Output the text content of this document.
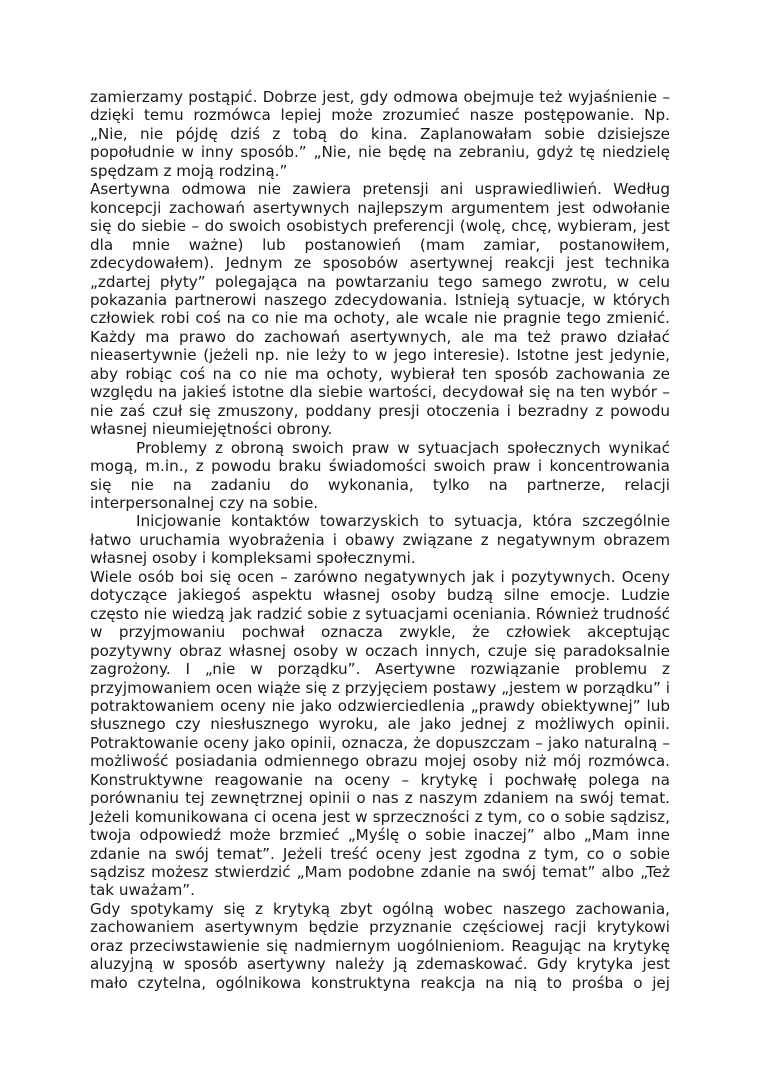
zamierzamy postąpić. Dobrze jest, gdy odmowa obejmuje też wyjaśnienie – dzięki temu rozmówca lepiej może zrozumieć nasze postępowanie. Np. „Nie, nie pójdę dziś z tobą do kina. Zaplanowałam sobie dzisiejsze popołudnie w inny sposób.” „Nie, nie będę na zebraniu, gdyż tę niedzielę spędzam z moją rodziną.”

Asertywna odmowa nie zawiera pretensji ani usprawiedliwień. Według koncepcji zachowań asertywnych najlepszym argumentem jest odwołanie się do siebie – do swoich osobistych preferencji (wolę, chcę, wybieram, jest dla mnie ważne) lub postanowień (mam zamiar, postanowiłem, zdecydowałem). Jednym ze sposobów asertywnej reakcji jest technika „zdartej płyty” polegająca na powtarzaniu tego samego zwrotu, w celu pokazania partnerowi naszego zdecydowania. Istnieją sytuacje, w których człowiek robi coś na co nie ma ochoty, ale wcale nie pragnie tego zmienić. Każdy ma prawo do zachowań asertywnych, ale ma też prawo działać nieasertywnie (jeżeli np. nie leży to w jego interesie). Istotne jest jedynie, aby robiąc coś na co nie ma ochoty, wybierał ten sposób zachowania ze względu na jakieś istotne dla siebie wartości, decydował się na ten wybór – nie zaś czuł się zmuszony, poddany presji otoczenia i bezradny z powodu własnej nieumiejętności obrony.

Problemy z obroną swoich praw w sytuacjach społecznych wynikać mogą, m.in., z powodu braku świadomości swoich praw i koncentrowania się nie na zadaniu do wykonania, tylko na partnerze, relacji interpersonalnej czy na sobie.

Inicjowanie kontaktów towarzyskich to sytuacja, która szczególnie łatwo uruchamia wyobrażenia i obawy związane z negatywnym obrazem własnej osoby i kompleksami społecznymi.

Wiele osób boi się ocen – zarówno negatywnych jak i pozytywnych. Oceny dotyczące jakiegoś aspektu własnej osoby budzą silne emocje. Ludzie często nie wiedzą jak radzić sobie z sytuacjami oceniania. Również trudność w przyjmowaniu pochwał oznacza zwykle, że człowiek akceptując pozytywny obraz własnej osoby w oczach innych, czuje się paradoksalnie zagrożony. I „nie w porządku”. Asertywne rozwiązanie problemu z przyjmowaniem ocen wiąże się z przyjęciem postawy „jestem w porządku” i potraktowaniem oceny nie jako odzwierciedlenia „prawdy obiektywnej” lub słusznego czy niesłusznego wyroku, ale jako jednej z możliwych opinii. Potraktowanie oceny jako opinii, oznacza, że dopuszczam – jako naturalną – możliwość posiadania odmiennego obrazu mojej osoby niż mój rozmówca. Konstruktywne reagowanie na oceny – krytykę i pochwałę polega na porównaniu tej zewnętrznej opinii o nas z naszym zdaniem na swój temat. Jeżeli komunikowana ci ocena jest w sprzeczności z tym, co o sobie sądzisz, twoja odpowiedź może brzmieć „Myślę o sobie inaczej” albo „Mam inne zdanie na swój temat”. Jeżeli treść oceny jest zgodna z tym, co o sobie sądzisz możesz stwierdzić „Mam podobne zdanie na swój temat” albo „Też tak uważam”.

Gdy spotykamy się z krytyką zbyt ogólną wobec naszego zachowania, zachowaniem asertywnym będzie przyznanie częściowej racji krytykowi oraz przeciwstawienie się nadmiernym uogólnieniom. Reagując na krytykę aluzyjną w sposób asertywny należy ją zdemaskować. Gdy krytyka jest mało czytelna, ogólnikowa konstruktyna reakcja na nią to prośba o jej
